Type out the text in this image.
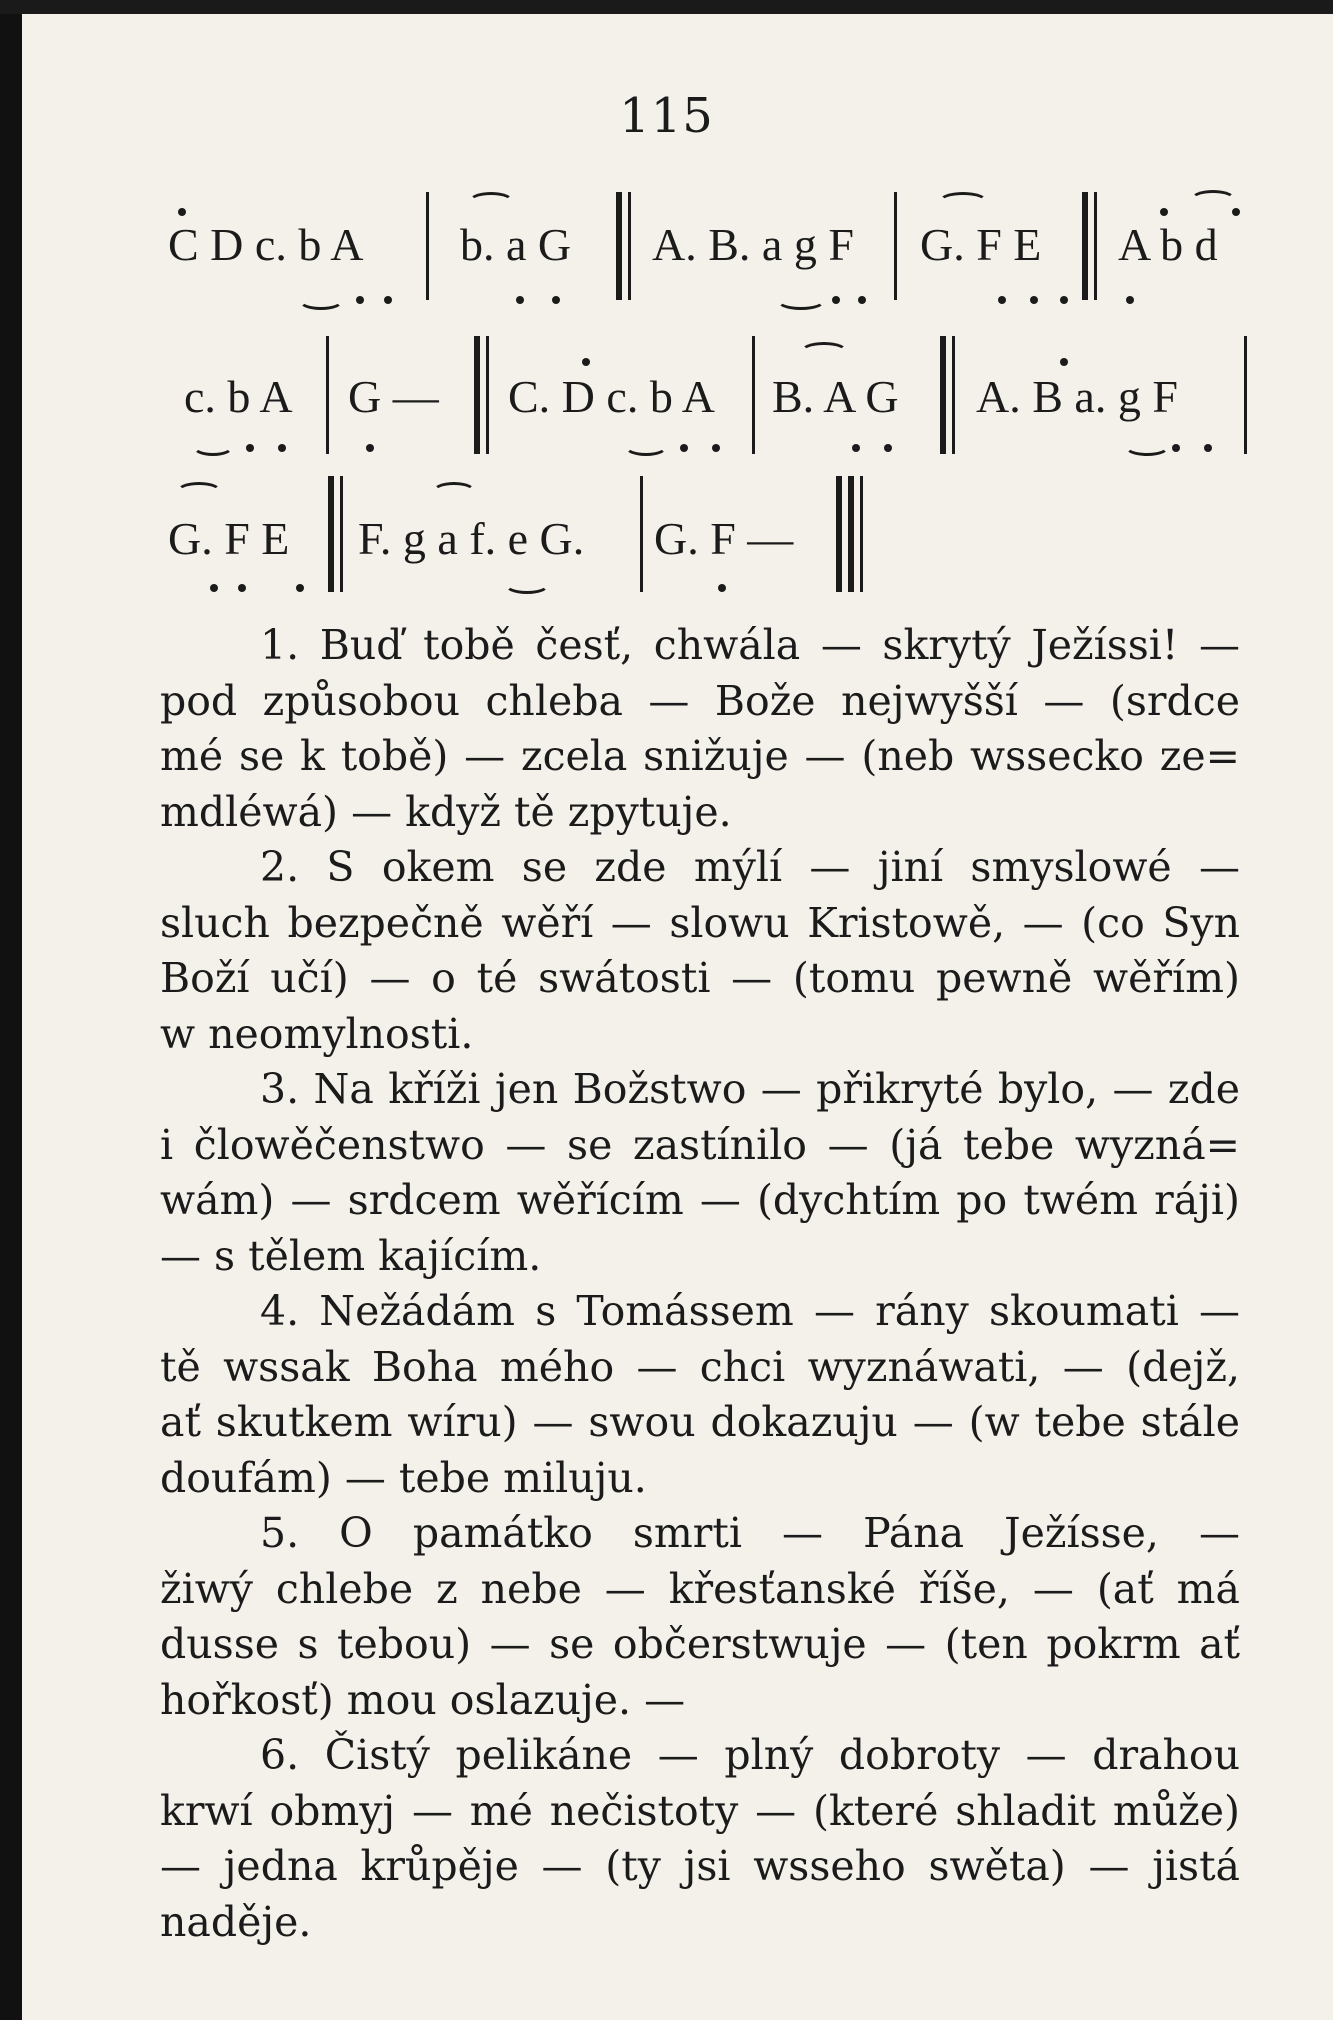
115
C D c. b A b. a G A. B. a g F G. F E A b d
c. b A G — C. D c. b A B. A G A. B a. g F
G. F E F. g a f. e G. G. F —
1. Buď tobě česť, chwála — skrytý Ježíssi! —
pod způsobou chleba — Bože nejwyšší — (srdce
mé se k tobě) — zcela snižuje — (neb wssecko ze=
mdléwá) — když tě zpytuje.
2. S okem se zde mýlí — jiní smyslowé —
sluch bezpečně wěří — slowu Kristowě, — (co Syn
Boží učí) — o té swátosti — (tomu pewně wěřím)
w neomylnosti.
3. Na kříži jen Božstwo — přikryté bylo, — zde
i člowěčenstwo — se zastínilo — (já tebe wyzná=
wám) — srdcem wěřícím — (dychtím po twém ráji)
— s tělem kajícím.
4. Nežádám s Tomássem — rány skoumati —
tě wssak Boha mého — chci wyznáwati, — (dejž,
ať skutkem wíru) — swou dokazuju — (w tebe stále
doufám) — tebe miluju.
5. O památko smrti — Pána Ježísse, —
žiwý chlebe z nebe — křesťanské říše, — (ať má
dusse s tebou) — se občerstwuje — (ten pokrm ať
hořkosť) mou oslazuje. —
6. Čistý pelikáne — plný dobroty — drahou
krwí obmyj — mé nečistoty — (které shladit může)
— jedna krůpěje — (ty jsi wsseho swěta) — jistá
naděje.
